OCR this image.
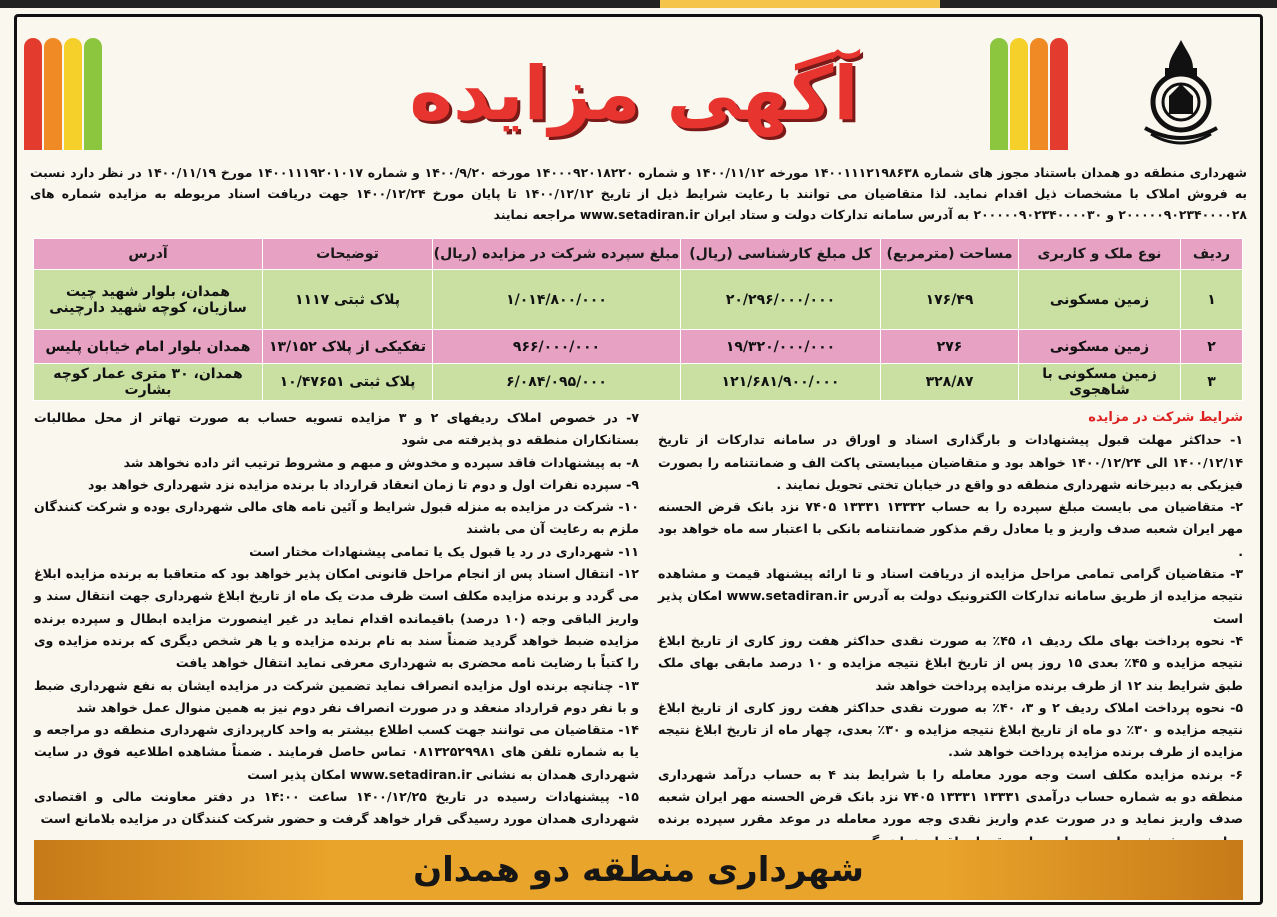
آگهی مزایده
شهرداری منطقه دو همدان باستناد مجوز های شماره ۱۴۰۰۱۱۱۲۱۹۸۶۳۸ مورخه ۱۴۰۰/۱۱/۱۲ و شماره ۱۴۰۰۰۹۲۰۱۸۲۲۰ مورخه ۱۴۰۰/۹/۲۰ و شماره ۱۴۰۰۱۱۱۹۲۰۱۰۱۷ مورخ ۱۴۰۰/۱۱/۱۹ در نظر دارد نسبت به فروش املاک با مشخصات ذیل اقدام نماید. لذا متقاضیان می توانند با رعایت شرایط ذیل از تاریخ ۱۴۰۰/۱۲/۱۲ تا پایان مورخ ۱۴۰۰/۱۲/۲۴ جهت دریافت اسناد مربوطه به مزایده شماره های ۲۰۰۰۰۰۹۰۲۳۴۰۰۰۰۲۸ و ۲۰۰۰۰۰۹۰۲۳۴۰۰۰۰۳۰ به آدرس سامانه تدارکات دولت و ستاد ایران www.setadiran.ir مراجعه نمایند
ردیف	نوع ملک و کاربری	مساحت (مترمربع)	کل مبلغ کارشناسی (ریال)	مبلغ سپرده شرکت در مزایده (ریال)	توضیحات	آدرس
۱	زمین مسکونی	۱۷۶/۴۹	۲۰/۲۹۶/۰۰۰/۰۰۰	۱/۰۱۴/۸۰۰/۰۰۰	پلاک ثبتی ۱۱۱۷	همدان، بلوار شهید چیت سازیان، کوچه شهید دارچینی
۲	زمین مسکونی	۲۷۶	۱۹/۳۲۰/۰۰۰/۰۰۰	۹۶۶/۰۰۰/۰۰۰	تفکیکی از پلاک ۱۳/۱۵۲	همدان بلوار امام خیابان پلیس
۳	زمین مسکونی با شاهجوی	۳۲۸/۸۷	۱۲۱/۶۸۱/۹۰۰/۰۰۰	۶/۰۸۴/۰۹۵/۰۰۰	پلاک ثبتی ۱۰/۴۷۶۵۱	همدان، ۳۰ متری عمار کوچه بشارت
شرایط شرکت در مزایده

۱- حداکثر مهلت قبول پیشنهادات و بارگذاری اسناد و اوراق در سامانه تدارکات از تاریخ ۱۴۰۰/۱۲/۱۴ الی ۱۴۰۰/۱۲/۲۴ خواهد بود و متقاضیان میبایستی پاکت الف و ضمانتنامه را بصورت فیزیکی به دبیرخانه شهرداری منطقه دو واقع در خیابان تختی تحویل نمایند .

۲- متقاضیان می بایست مبلغ سپرده را به حساب ۱۳۳۳۲ ۱۳۳۳۱ ۷۴۰۵ نزد بانک قرض الحسنه مهر ایران شعبه صدف واریز و یا معادل رقم مذکور ضمانتنامه بانکی با اعتبار سه ماه خواهد بود .

۳- متقاضیان گرامی تمامی مراحل مزایده از دریافت اسناد و تا ارائه پیشنهاد قیمت و مشاهده نتیجه مزایده از طریق سامانه تدارکات الکترونیک دولت به آدرس www.setadiran.ir امکان پذیر است

۴- نحوه پرداخت بهای ملک ردیف ۱، ۴۵٪ به صورت نقدی حداکثر هفت روز کاری از تاریخ ابلاغ نتیجه مزایده و ۴۵٪ بعدی ۱۵ روز پس از تاریخ ابلاغ نتیجه مزایده و ۱۰ درصد مابقی بهای ملک طبق شرایط بند ۱۲ از طرف برنده مزایده پرداخت خواهد شد

۵- نحوه پرداخت املاک ردیف ۲ و ۳، ۴۰٪ به صورت نقدی حداکثر هفت روز کاری از تاریخ ابلاغ نتیجه مزایده و ۳۰٪ دو ماه از تاریخ ابلاغ نتیجه مزایده و ۳۰٪ بعدی، چهار ماه از تاریخ ابلاغ نتیجه مزایده از طرف برنده مزایده پرداخت خواهد شد.

۶- برنده مزایده مکلف است وجه مورد معامله را با شرایط بند ۴ به حساب درآمد شهرداری منطقه دو به شماره حساب درآمدی ۱۳۳۳۱ ۱۳۳۳۱ ۷۴۰۵ نزد بانک قرض الحسنه مهر ایران شعبه صدف واریز نماید و در صورت عدم واریز نقدی وجه مورد معامله در موعد مقرر سپرده برنده

۷- در خصوص املاک ردیفهای ۲ و ۳ مزایده تسویه حساب به صورت تهاتر از محل مطالبات بستانکاران منطقه دو پذیرفته می شود

۸- به پیشنهادات فاقد سپرده و مخدوش و مبهم و مشروط ترتیب اثر داده نخواهد شد

۹- سپرده نفرات اول و دوم تا زمان انعقاد قرارداد با برنده مزایده نزد شهرداری خواهد بود

۱۰- شرکت در مزایده به منزله قبول شرایط و آئین نامه های مالی شهرداری بوده و شرکت کنندگان ملزم به رعایت آن می باشند

۱۱- شهرداری در رد یا قبول یک یا تمامی پیشنهادات مختار است

۱۲- انتقال اسناد پس از انجام مراحل قانونی امکان پذیر خواهد بود که متعاقبا به برنده مزایده ابلاغ می گردد و برنده مزایده مکلف است ظرف مدت یک ماه از تاریخ ابلاغ شهرداری جهت انتقال سند و واریز الباقی وجه (۱۰ درصد) باقیمانده اقدام نماید در غیر اینصورت مزایده ابطال و سپرده برنده مزایده ضبط خواهد گردید ضمناً سند به نام برنده مزایده و یا هر شخص دیگری که برنده مزایده وی را کتباً با رضایت نامه محضری به شهرداری معرفی نماید انتقال خواهد یافت

۱۳- چنانچه برنده اول مزایده انصراف نماید تضمین شرکت در مزایده ایشان به نفع شهرداری ضبط و با نفر دوم قرارداد منعقد و در صورت انصراف نفر دوم نیز به همین منوال عمل خواهد شد

۱۴- متقاضیان می توانند جهت کسب اطلاع بیشتر به واحد کارپردازی شهرداری منطقه دو مراجعه و یا به شماره تلفن های ۰۸۱۳۲۵۲۹۹۸۱ تماس حاصل فرمایند . ضمناً مشاهده اطلاعیه فوق در سایت شهرداری همدان به نشانی www.setadiran.ir امکان پذیر است

۱۵- پیشنهادات رسیده در تاریخ ۱۴۰۰/۱۲/۲۵ ساعت ۱۴:۰۰ در دفتر معاونت مالی و اقتصادی شهرداری همدان مورد رسیدگی قرار خواهد گرفت و حضور شرکت کنندگان در مزایده بلامانع است

شهرداری منطقه دو همدان
